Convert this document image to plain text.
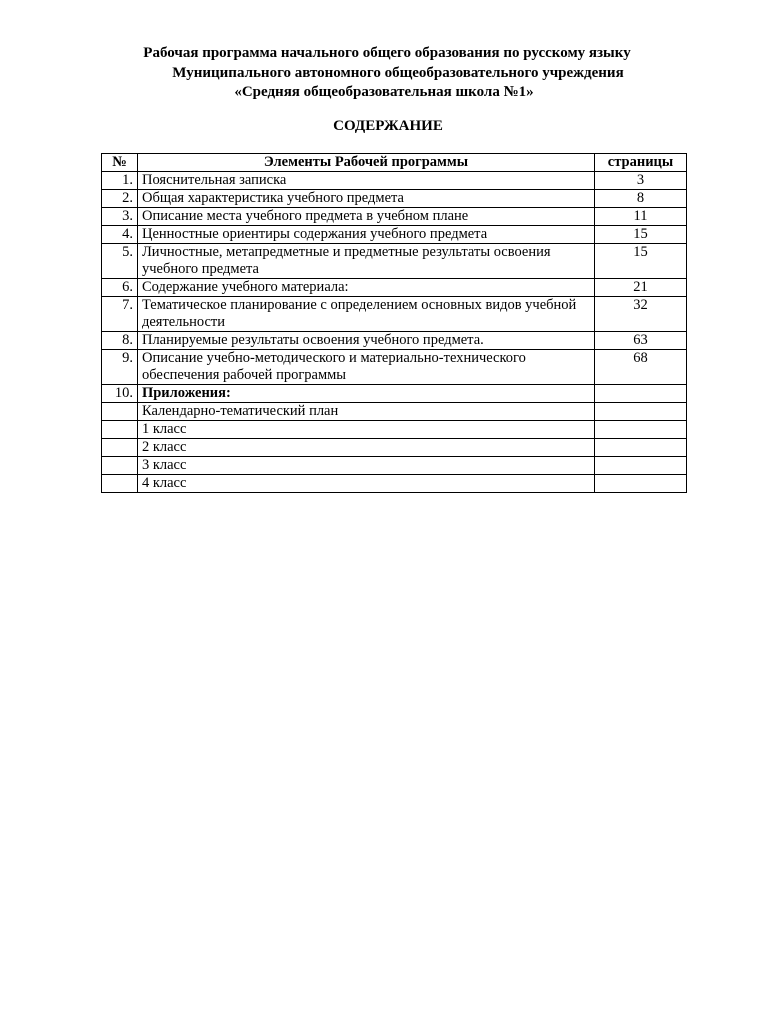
Рабочая программа начального общего образования по русскому языку
Муниципального автономного общеобразовательного учреждения
«Средняя общеобразовательная школа №1»
СОДЕРЖАНИЕ
№	Элементы Рабочей программы	страницы
1.	Пояснительная записка	3
2.	Общая характеристика учебного предмета	8
3.	Описание места учебного предмета в учебном плане	11
4.	Ценностные ориентиры содержания учебного предмета	15
5.	Личностные, метапредметные и предметные результаты освоения учебного предмета	15
6.	Содержание учебного материала:	21
7.	Тематическое планирование с определением основных видов учебной деятельности	32
8.	Планируемые результаты освоения учебного предмета.	63
9.	Описание учебно-методического и материально-технического обеспечения рабочей программы	68
10.	Приложения:	
	Календарно-тематический план	
	1 класс	
	2 класс	
	3 класс	
	4 класс	
